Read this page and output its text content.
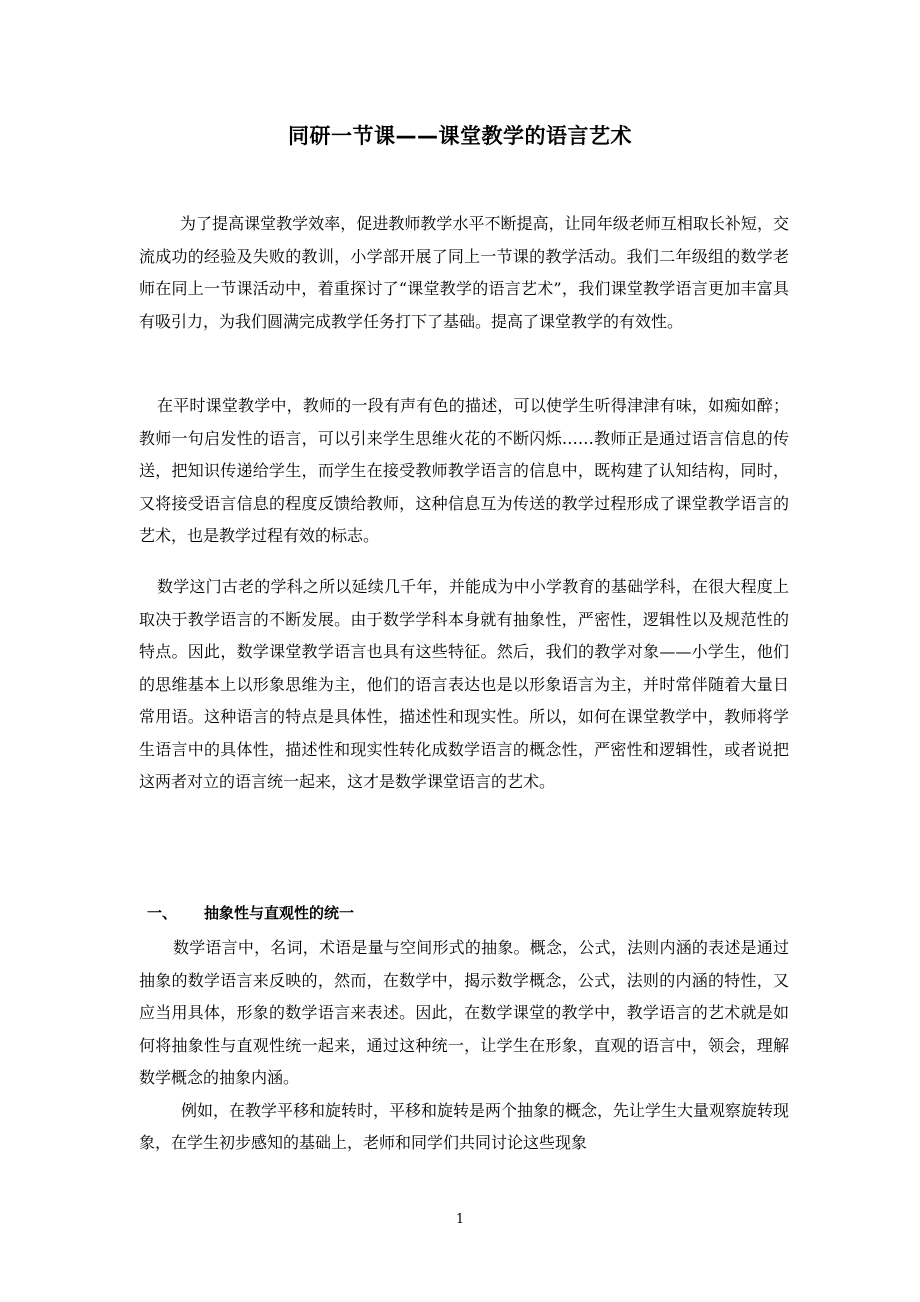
同研一节课——课堂教学的语言艺术

为了提高课堂教学效率，促进教师教学水平不断提高，让同年级老师互相取长补短，交流成功的经验及失败的教训，小学部开展了同上一节课的教学活动。我们二年级组的数学老师在同上一节课活动中，着重探讨了“课堂教学的语言艺术”，我们课堂教学语言更加丰富具有吸引力，为我们圆满完成教学任务打下了基础。提高了课堂教学的有效性。

在平时课堂教学中，教师的一段有声有色的描述，可以使学生听得津津有味，如痴如醉；教师一句启发性的语言，可以引来学生思维火花的不断闪烁……教师正是通过语言信息的传送，把知识传递给学生，而学生在接受教师教学语言的信息中，既构建了认知结构，同时，又将接受语言信息的程度反馈给教师，这种信息互为传送的教学过程形成了课堂教学语言的艺术，也是教学过程有效的标志。

数学这门古老的学科之所以延续几千年，并能成为中小学教育的基础学科，在很大程度上取决于教学语言的不断发展。由于数学学科本身就有抽象性，严密性，逻辑性以及规范性的特点。因此，数学课堂教学语言也具有这些特征。然后，我们的教学对象——小学生，他们的思维基本上以形象思维为主，他们的语言表达也是以形象语言为主，并时常伴随着大量日常用语。这种语言的特点是具体性，描述性和现实性。所以，如何在课堂教学中，教师将学生语言中的具体性，描述性和现实性转化成数学语言的概念性，严密性和逻辑性，或者说把这两者对立的语言统一起来，这才是数学课堂语言的艺术。

一、 抽象性与直观性的统一

数学语言中，名词，术语是量与空间形式的抽象。概念，公式，法则内涵的表述是通过抽象的数学语言来反映的，然而，在数学中，揭示数学概念，公式，法则的内涵的特性，又应当用具体，形象的数学语言来表述。因此，在数学课堂的教学中，教学语言的艺术就是如何将抽象性与直观性统一起来，通过这种统一，让学生在形象，直观的语言中，领会，理解数学概念的抽象内涵。

例如，在教学平移和旋转时，平移和旋转是两个抽象的概念，先让学生大量观察旋转现象，在学生初步感知的基础上，老师和同学们共同讨论这些现象

1
